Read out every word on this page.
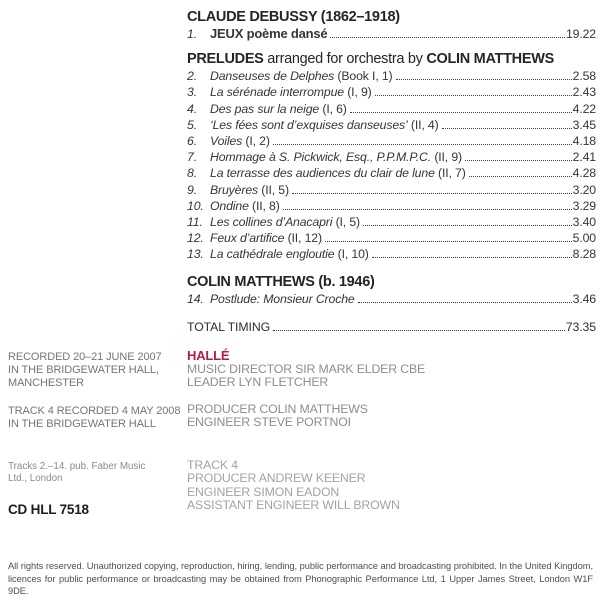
CLAUDE DEBUSSY (1862–1918)
1.	JEUX poème dansé	19.22
PRELUDES arranged for orchestra by COLIN MATTHEWS
2.	Danseuses de Delphes (Book I, 1)	2.58
3.	La sérénade interrompue (I, 9)	2.43
4.	Des pas sur la neige (I, 6)	4.22
5.	‘Les fées sont d’exquises danseuses’ (II, 4)	3.45
6.	Voiles (I, 2)	4.18
7.	Hommage à S. Pickwick, Esq., P.P.M.P.C. (II, 9)	2.41
8.	La terrasse des audiences du clair de lune (II, 7)	4.28
9.	Bruyères (II, 5)	3.20
10. Ondine (II, 8)	3.29
11. Les collines d’Anacapri (I, 5)	3.40
12. Feux d’artifice (II, 12)	5.00
13. La cathédrale engloutie (I, 10)	8.28
COLIN MATTHEWS (b. 1946)
14. Postlude: Monsieur Croche	3.46
TOTAL TIMING	73.35
RECORDED 20–21 JUNE 2007
IN THE BRIDGEWATER HALL,
MANCHESTER
TRACK 4 RECORDED 4 MAY 2008
IN THE BRIDGEWATER HALL
Tracks 2.–14. pub. Faber Music
Ltd., London
CD HLL 7518
HALLÉ
MUSIC DIRECTOR SIR MARK ELDER CBE
LEADER LYN FLETCHER
PRODUCER COLIN MATTHEWS
ENGINEER STEVE PORTNOI
TRACK 4
PRODUCER ANDREW KEENER
ENGINEER SIMON EADON
ASSISTANT ENGINEER WILL BROWN
All rights reserved. Unauthorized copying, reproduction, hiring, lending, public performance and broadcasting prohibited. In the United Kingdom, licences for public performance or broadcasting may be obtained from Phonographic Performance Ltd, 1 Upper James Street, London W1F 9DE.
